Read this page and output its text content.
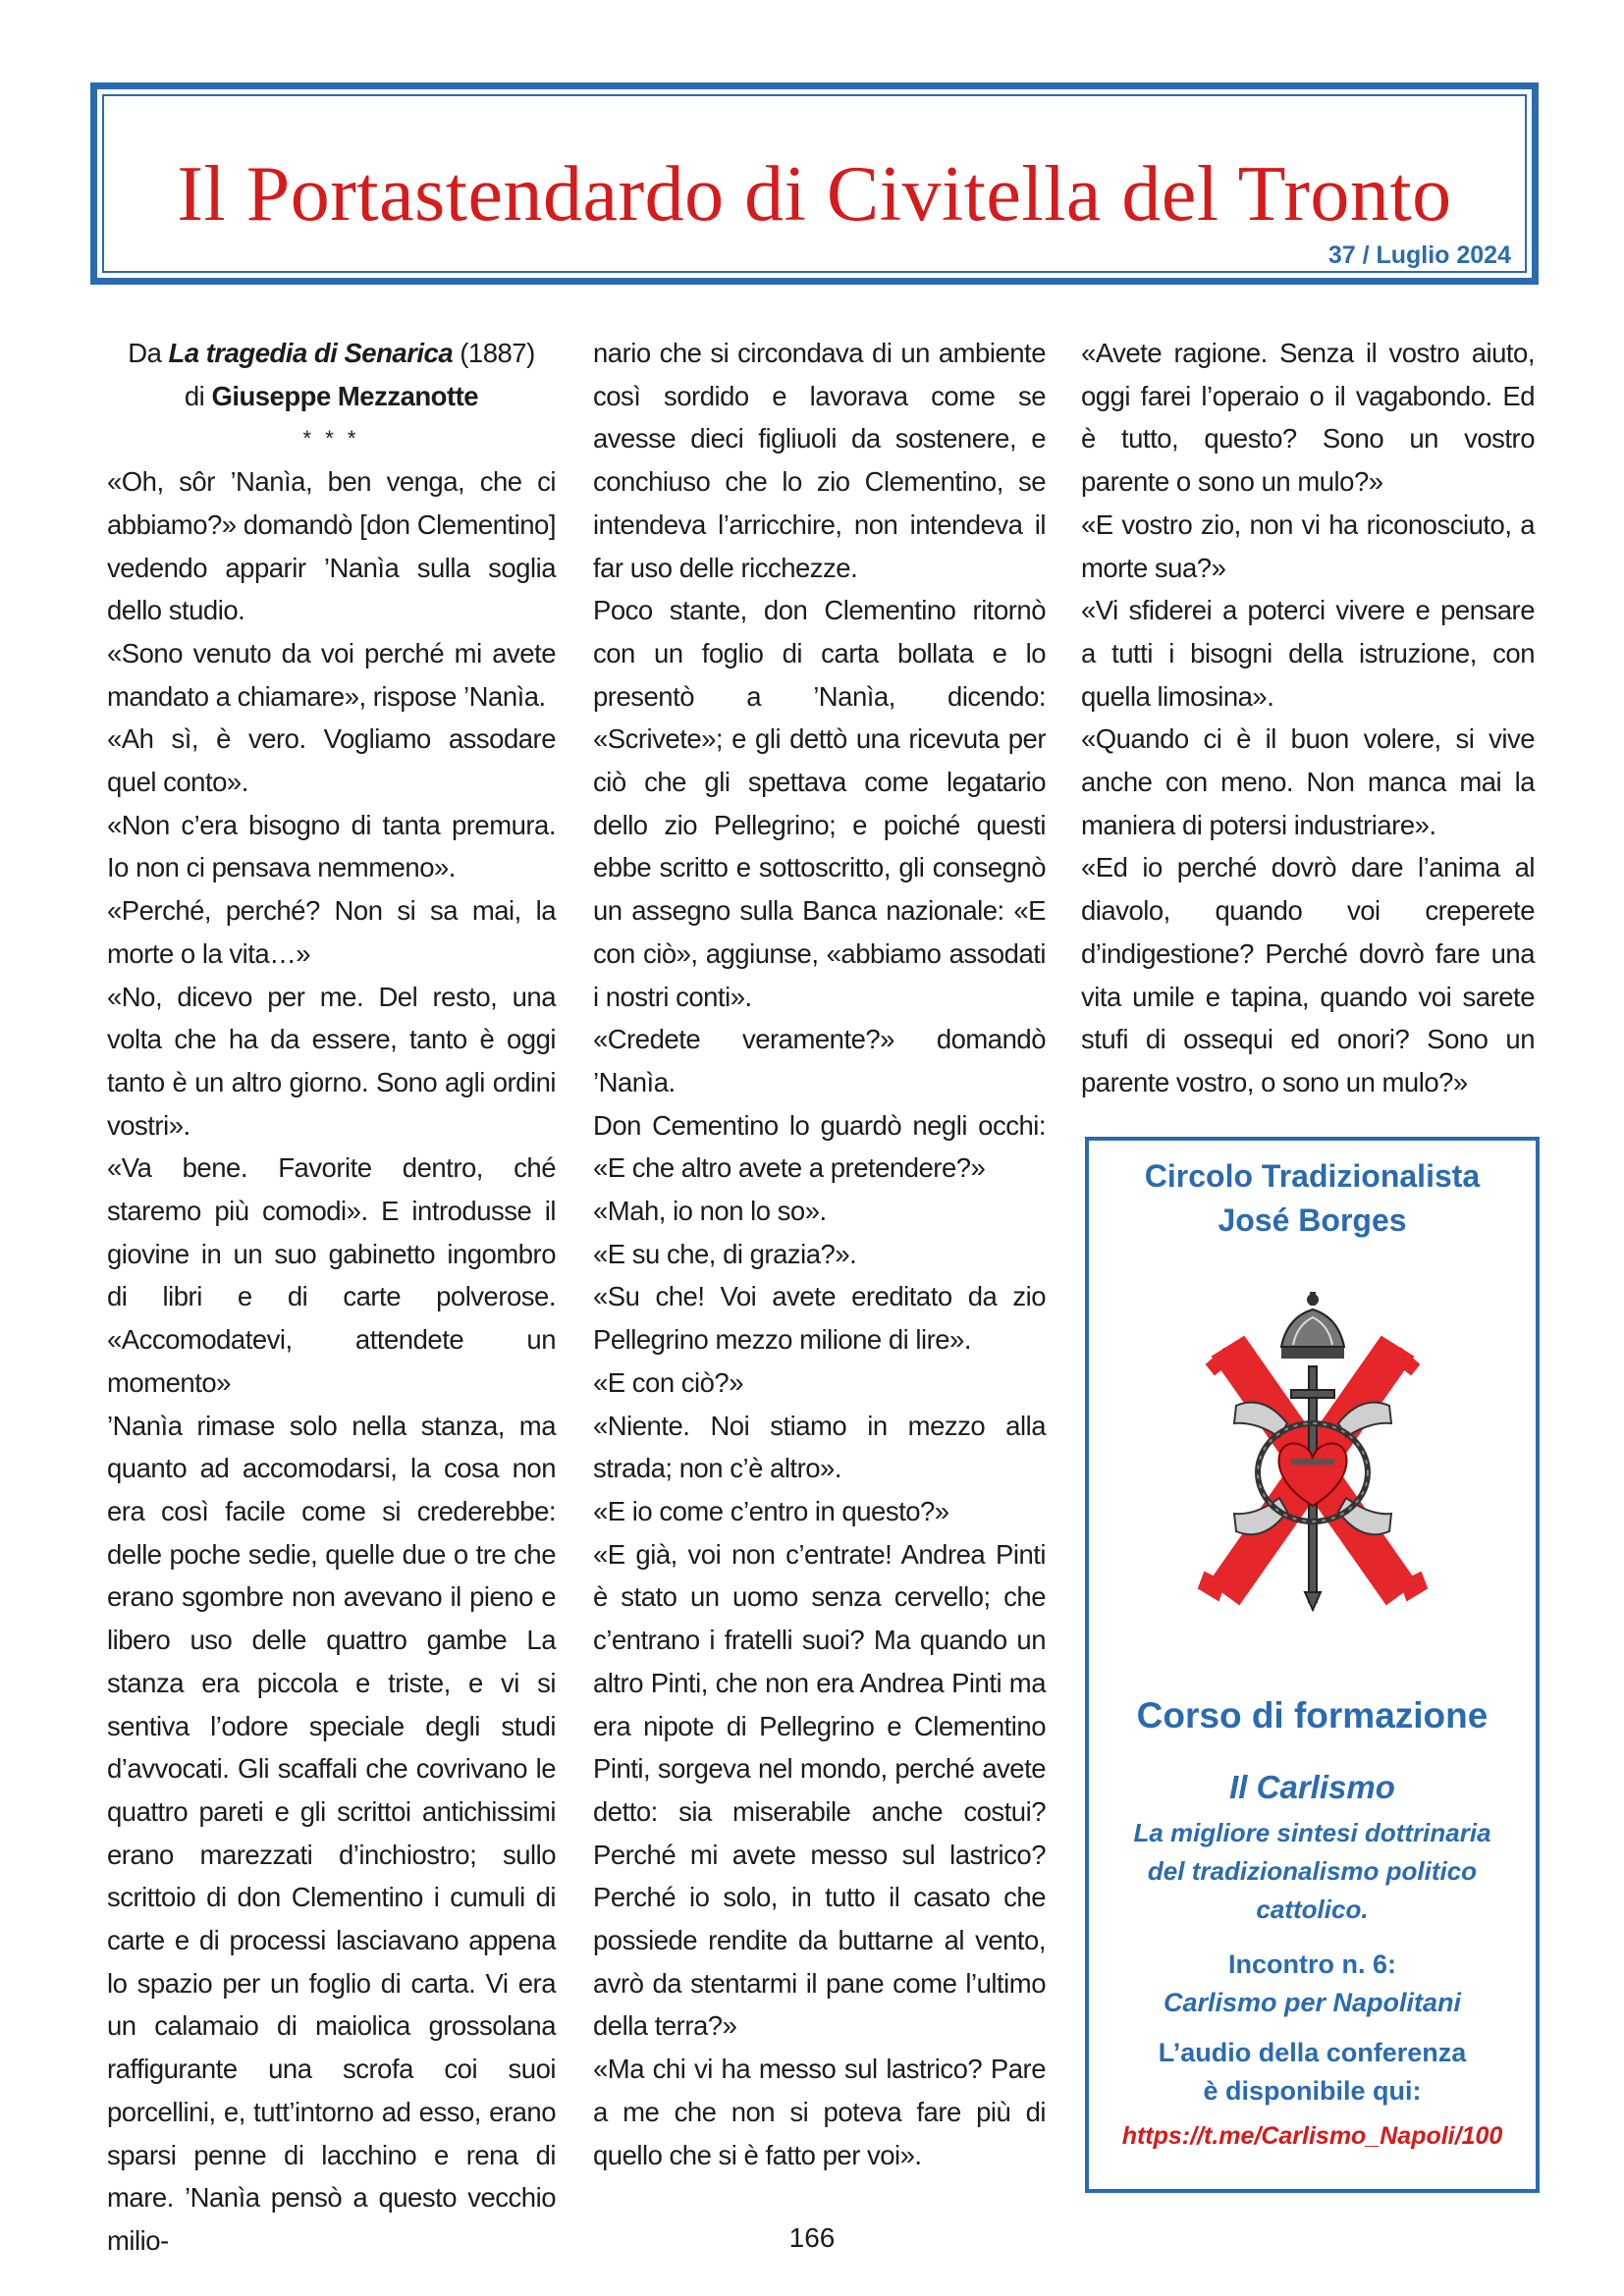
Il Portastendardo di Civitella del Tronto
37 / Luglio 2024

Da La tragedia di Senarica (1887)

di Giuseppe Mezzanotte

* * *

«Oh, sôr ’Nanìa, ben venga, che ci abbiamo?» domandò [don Clementino] vedendo apparir ’Nanìa sulla soglia dello studio.

«Sono venuto da voi perché mi avete mandato a chiamare», rispose ’Nanìa.

«Ah sì, è vero. Vogliamo assodare quel conto».

«Non c’era bisogno di tanta premura. Io non ci pensava nemmeno».

«Perché, perché? Non si sa mai, la morte o la vita…»

«No, dicevo per me. Del resto, una volta che ha da essere, tanto è oggi tanto è un altro giorno. Sono agli ordini vostri».

«Va bene. Favorite dentro, ché staremo più comodi». E introdusse il giovine in un suo gabinetto ingombro di libri e di carte polverose. «Accomodatevi, attendete un momento»

’Nanìa rimase solo nella stanza, ma quanto ad accomodarsi, la cosa non era così facile come si crederebbe: delle poche sedie, quelle due o tre che erano sgombre non avevano il pieno e libero uso delle quattro gambe La stanza era piccola e triste, e vi si sentiva l’odore speciale degli studi d’avvocati. Gli scaffali che covrivano le quattro pareti e gli scrittoi antichissimi erano marezzati d’inchiostro; sullo scrittoio di don Clementino i cumuli di carte e di processi lasciavano appena lo spazio per un foglio di carta. Vi era un calamaio di maiolica grossolana raffigurante una scrofa coi suoi porcellini, e, tutt’intorno ad esso, erano sparsi penne di lacchino e rena di mare. ’Nanìa pensò a questo vecchio milio-

nario che si circondava di un ambiente così sordido e lavorava come se avesse dieci figliuoli da sostenere, e conchiuso che lo zio Clementino, se intendeva l’arricchire, non intendeva il far uso delle ricchezze.

Poco stante, don Clementino ritornò con un foglio di carta bollata e lo presentò a ’Nanìa, dicendo: «Scrivete»; e gli dettò una ricevuta per ciò che gli spettava come legatario dello zio Pellegrino; e poiché questi ebbe scritto e sottoscritto, gli consegnò un assegno sulla Banca nazionale: «E con ciò», aggiunse, «abbiamo assodati i nostri conti».

«Credete veramente?» domandò ’Nanìa.

Don Cementino lo guardò negli occhi: «E che altro avete a pretendere?»

«Mah, io non lo so».

«E su che, di grazia?».

«Su che! Voi avete ereditato da zio Pellegrino mezzo milione di lire».

«E con ciò?»

«Niente. Noi stiamo in mezzo alla strada; non c’è altro».

«E io come c’entro in questo?»

«E già, voi non c’entrate! Andrea Pinti è stato un uomo senza cervello; che c’entrano i fratelli suoi? Ma quando un altro Pinti, che non era Andrea Pinti ma era nipote di Pellegrino e Clementino Pinti, sorgeva nel mondo, perché avete detto: sia miserabile anche costui? Perché mi avete messo sul lastrico? Perché io solo, in tutto il casato che possiede rendite da buttarne al vento, avrò da stentarmi il pane come l’ultimo della terra?»

«Ma chi vi ha messo sul lastrico? Pare a me che non si poteva fare più di quello che si è fatto per voi».

«Avete ragione. Senza il vostro aiuto, oggi farei l’operaio o il vagabondo. Ed è tutto, questo? Sono un vostro parente o sono un mulo?»

«E vostro zio, non vi ha riconosciuto, a morte sua?»

«Vi sfiderei a poterci vivere e pensare a tutti i bisogni della istruzione, con quella limosina».

«Quando ci è il buon volere, si vive anche con meno. Non manca mai la maniera di potersi industriare».

«Ed io perché dovrò dare l’anima al diavolo, quando voi creperete d’indigestione? Perché dovrò fare una vita umile e tapina, quando voi sarete stufi di ossequi ed onori? Sono un parente vostro, o sono un mulo?»

Circolo Tradizionalista
José Borges
Corso di formazione
Il Carlismo
La migliore sintesi dottrinaria
del tradizionalismo politico
cattolico.
Incontro n. 6:
Carlismo per Napolitani
L’audio della conferenza
è disponibile qui:
https://t.me/Carlismo_Napoli/100
166
